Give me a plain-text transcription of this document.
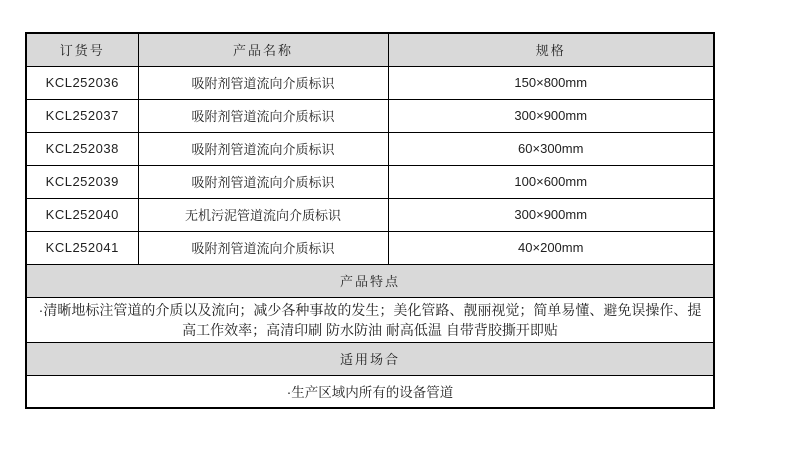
订货号	产品名称	规格
KCL252036	吸附剂管道流向介质标识	150×800mm
KCL252037	吸附剂管道流向介质标识	300×900mm
KCL252038	吸附剂管道流向介质标识	60×300mm
KCL252039	吸附剂管道流向介质标识	100×600mm
KCL252040	无机污泥管道流向介质标识	300×900mm
KCL252041	吸附剂管道流向介质标识	40×200mm
产品特点		
·清晰地标注管道的介质以及流向；减少各种事故的发生；美化管路、靓丽视觉；简单易懂、避免误操作、提高工作效率；高清印刷 防水防油 耐高低温 自带背胶撕开即贴		
适用场合		
·生产区域内所有的设备管道		
